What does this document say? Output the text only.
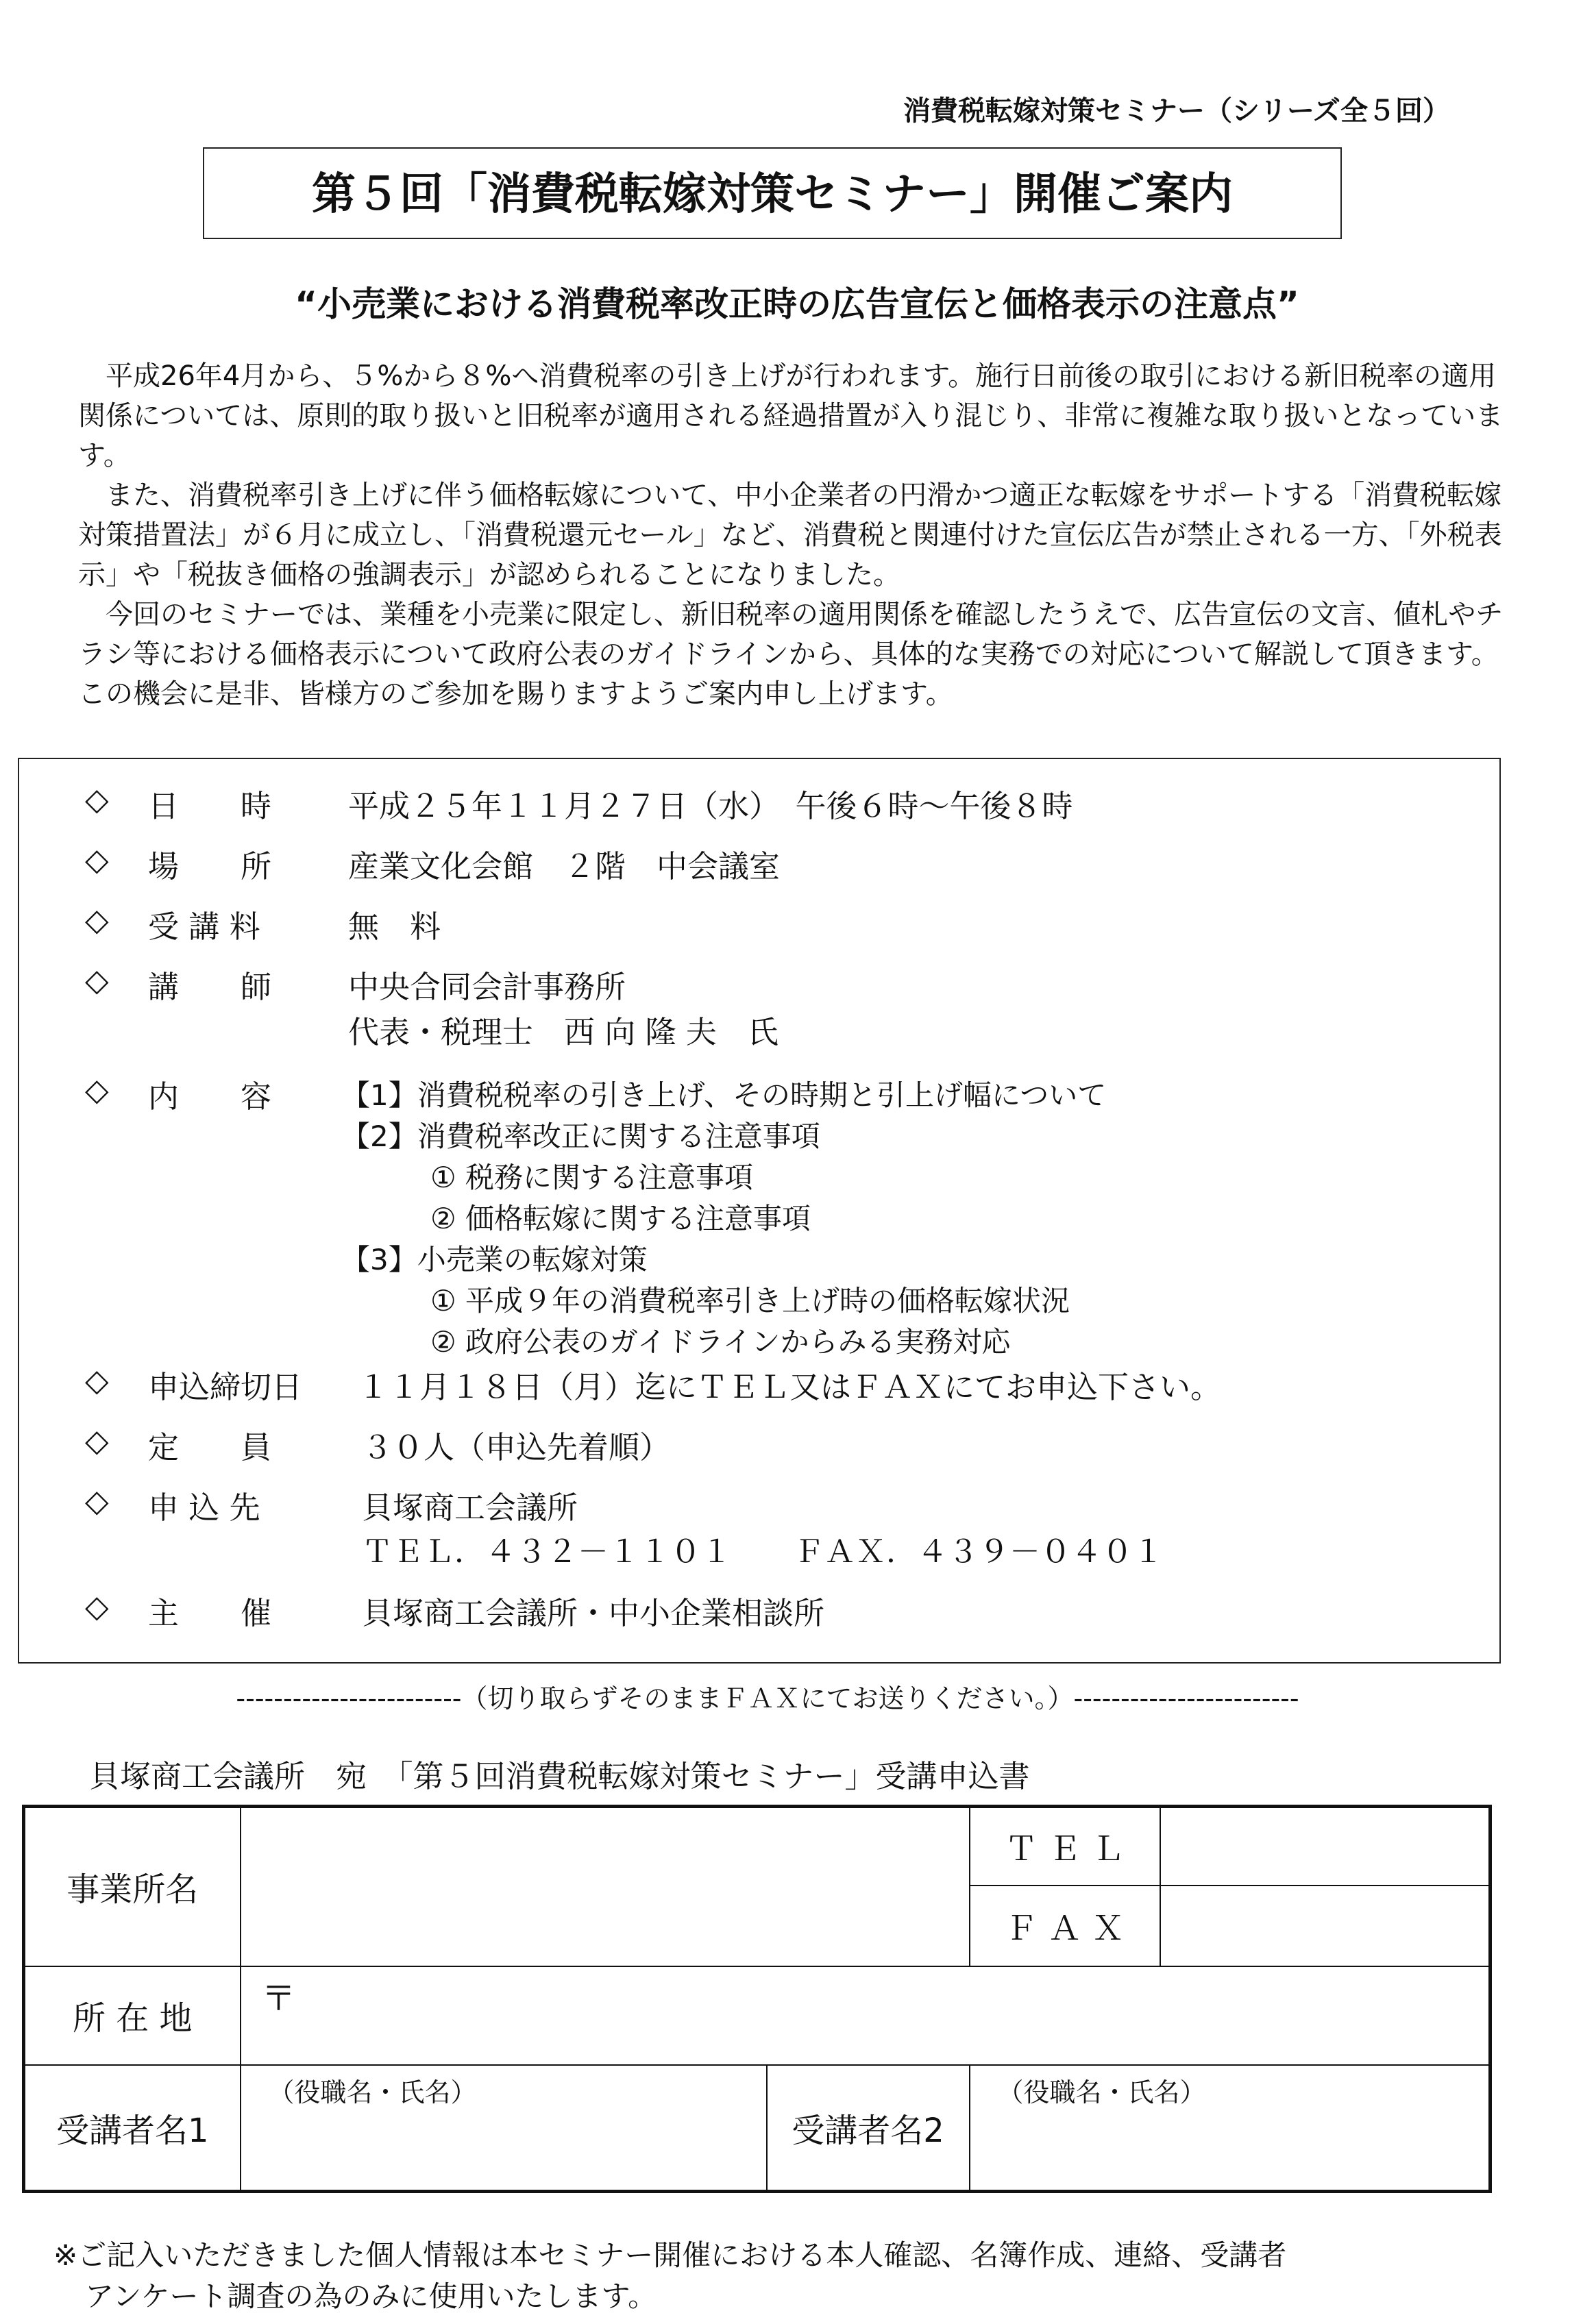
消費税転嫁対策セミナー（シリーズ全５回）
第５回「消費税転嫁対策セミナー」開催ご案内
“小売業における消費税率改正時の広告宣伝と価格表示の注意点”

平成26年4月から、５%から８%へ消費税率の引き上げが行われます。施行日前後の取引における新旧税率の適用関係については、原則的取り扱いと旧税率が適用される経過措置が入り混じり、非常に複雑な取り扱いとなっています。

また、消費税率引き上げに伴う価格転嫁について、中小企業者の円滑かつ適正な転嫁をサポートする「消費税転嫁対策措置法」が６月に成立し、「消費税還元セール」など、消費税と関連付けた宣伝広告が禁止される一方、「外税表示」や「税抜き価格の強調表示」が認められることになりました。

今回のセミナーでは、業種を小売業に限定し、新旧税率の適用関係を確認したうえで、広告宣伝の文言、値札やチラシ等における価格表示について政府公表のガイドラインから、具体的な実務での対応について解説して頂きます。この機会に是非、皆様方のご参加を賜りますようご案内申し上げます。

◇ 日　　時 平成２５年１１月２７日（水）　午後６時～午後８時
◇ 場　　所 産業文化会館　２階　中会議室
◇ 受 講 料	無　料
◇ 講　　師 中央合同会計事務所
代表・税理士　西 向 隆 夫　氏
◇ 内　　容 【1】消費税税率の引き上げ、その時期と引上げ幅について
【2】消費税率改正に関する注意事項
① 税務に関する注意事項
② 価格転嫁に関する注意事項
【3】小売業の転嫁対策
① 平成９年の消費税率引き上げ時の価格転嫁状況
② 政府公表のガイドラインからみる実務対応
◇ 申込締切日 １１月１８日（月）迄にＴＥＬ又はＦＡＸにてお申込下さい。
◇ 定　　員	３０人（申込先着順）
◇ 申 込 先	貝塚商工会議所
ＴＥＬ．４３２－１１０１　　ＦＡＸ．４３９－０４０１
◇ 主　　催	貝塚商工会議所・中小企業相談所
------------------------（切り取らずそのままＦＡＸにてお送りください。）------------------------
貝塚商工会議所　宛　「第５回消費税転嫁対策セミナー」受講申込書
事業所名			Ｔ Ｅ Ｌ	
			Ｆ Ａ Ｘ	
所 在 地	〒			

受講者名1	（役職名・氏名）	受講者名2	（役職名・氏名）	
※ご記入いただきました個人情報は本セミナー開催における本人確認、名簿作成、連絡、受講者
アンケート調査の為のみに使用いたします。
